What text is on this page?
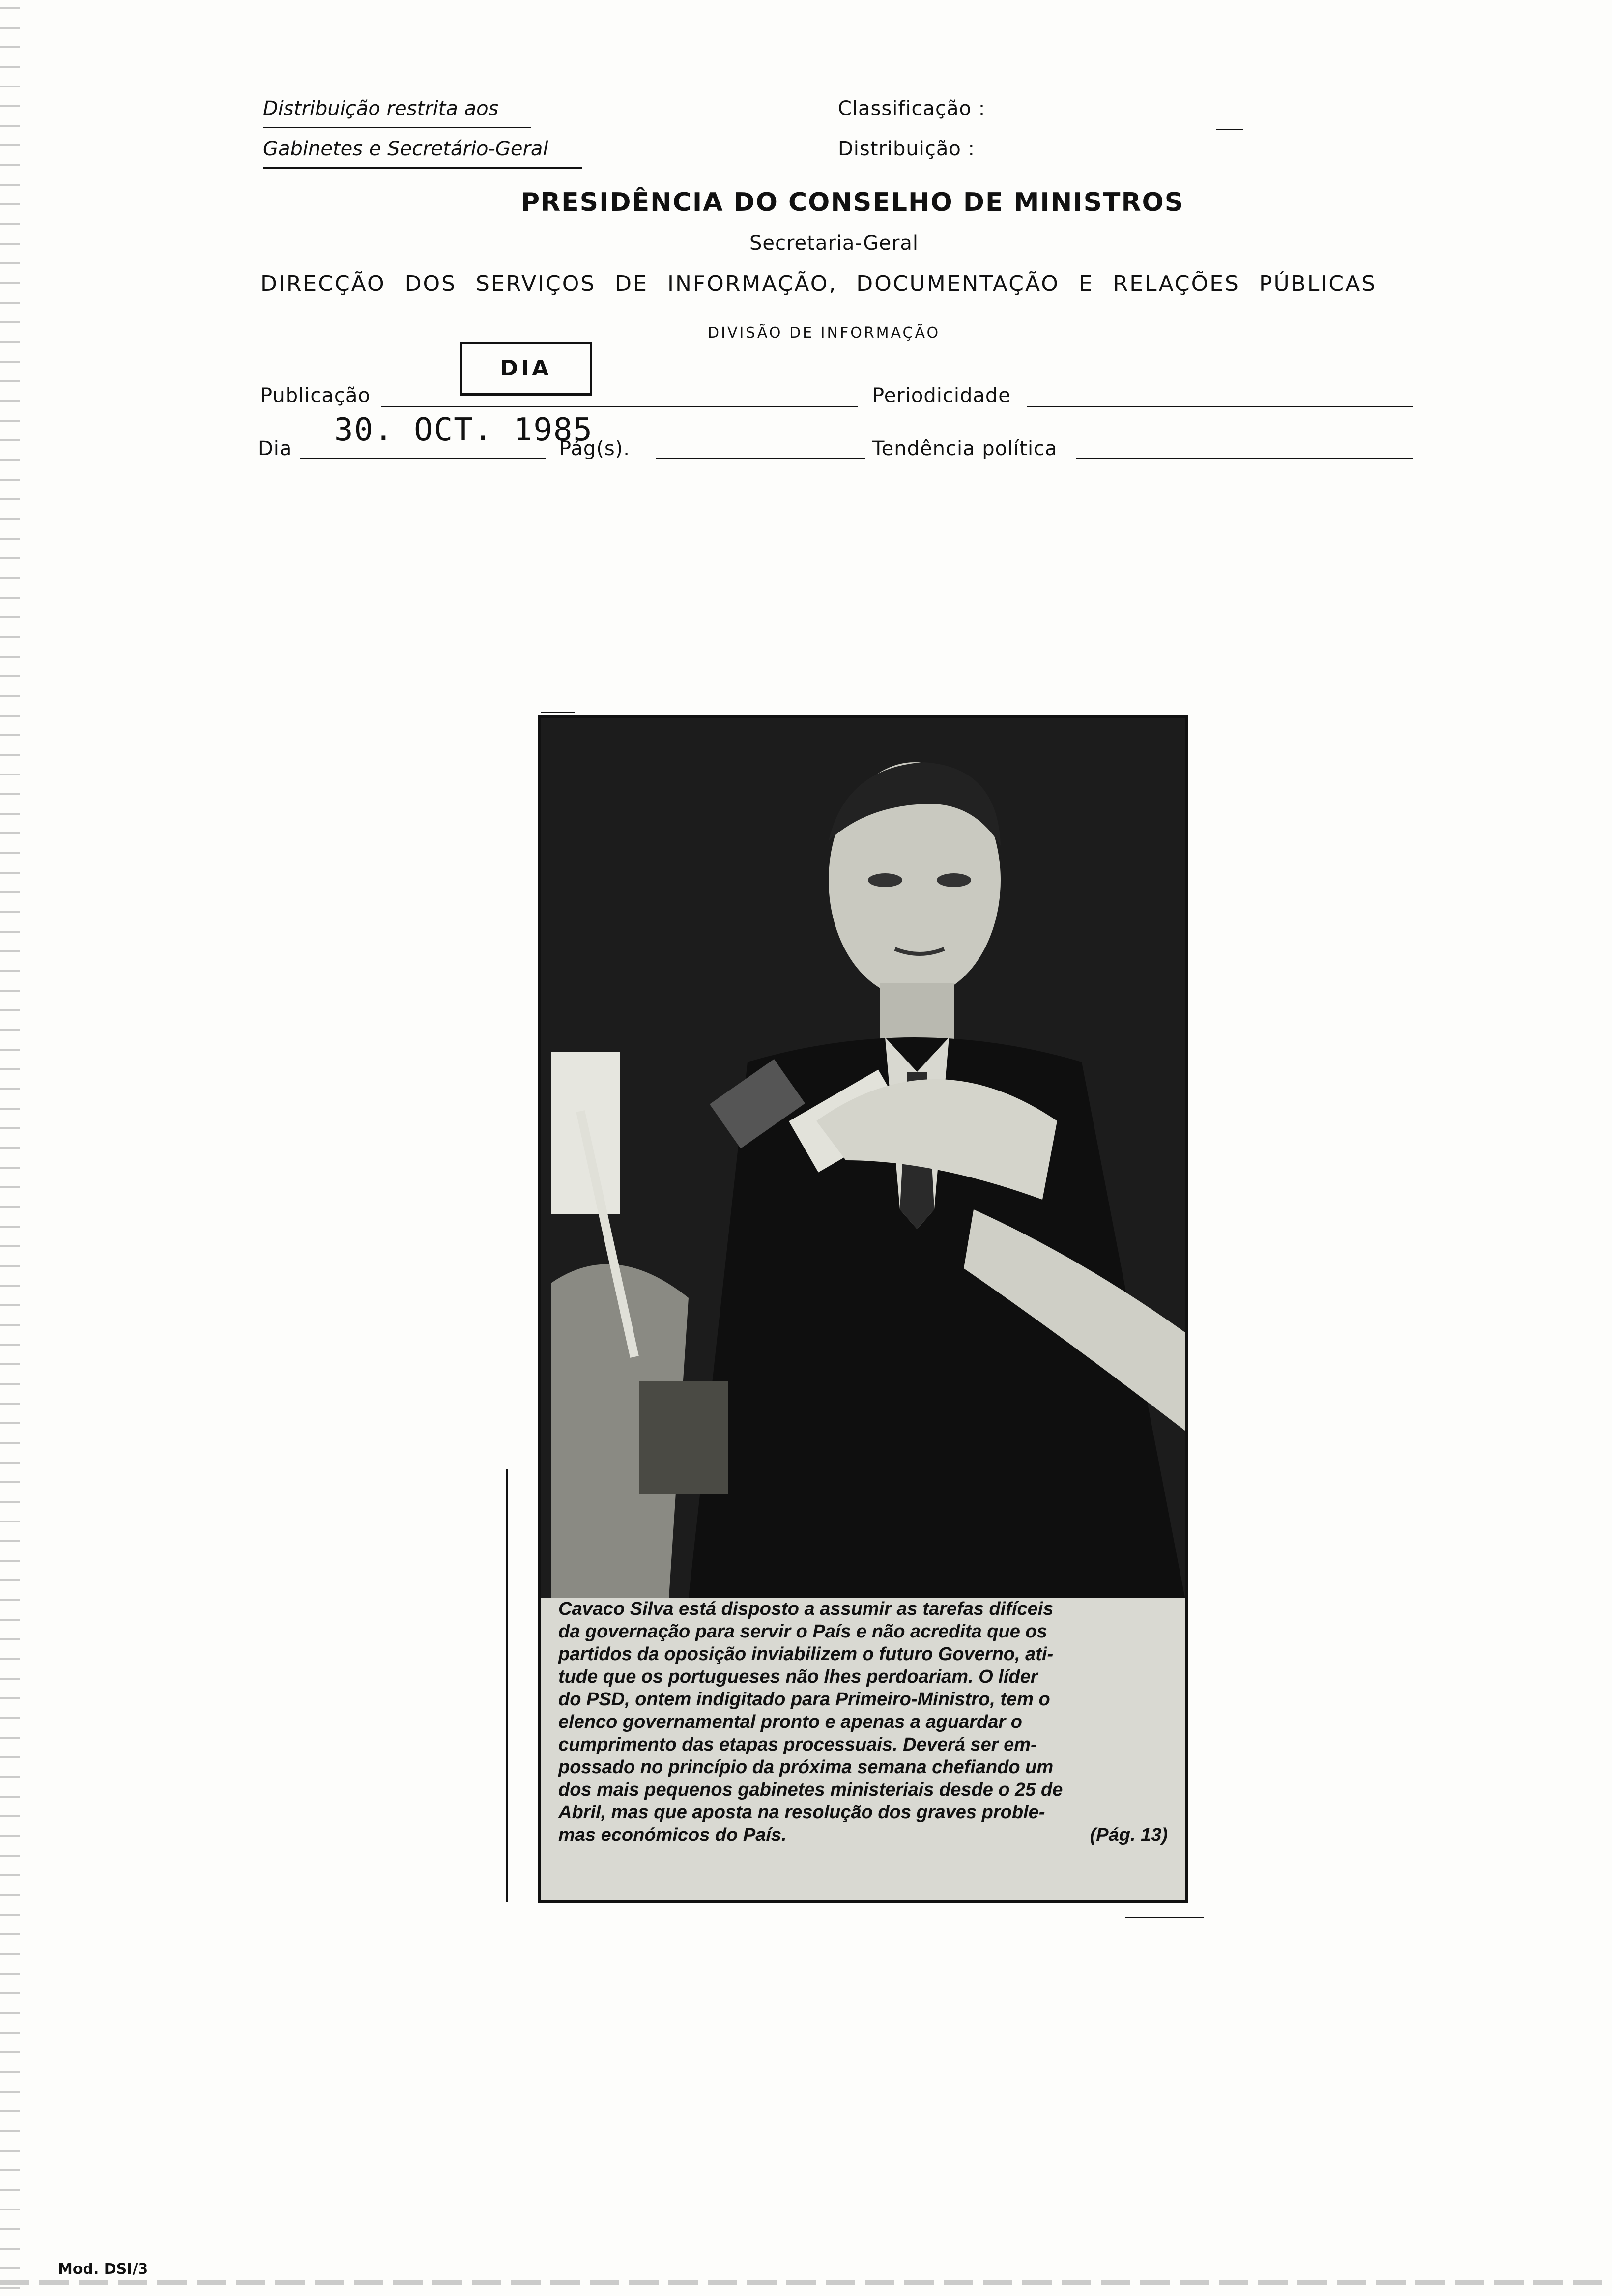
Distribuição restrita aos
Gabinetes e Secretário-Geral
Classificação :
Distribuição :
PRESIDÊNCIA DO CONSELHO DE MINISTROS
Secretaria-Geral
DIRECÇÃO DOS SERVIÇOS DE INFORMAÇÃO, DOCUMENTAÇÃO E RELAÇÕES PÚBLICAS
DIVISÃO DE INFORMAÇÃO
Publicação
DIA
Periodicidade
Dia
30. OCT. 1985
Pág(s).	Tendência política
Cavaco Silva está disposto a assumir as tarefas difíceis
da governação para servir o País e não acredita que os
partidos da oposição inviabilizem o futuro Governo, ati-
tude que os portugueses não lhes perdoariam. O líder
do PSD, ontem indigitado para Primeiro-Ministro, tem o
elenco governamental pronto e apenas a aguardar o
cumprimento das etapas processuais. Deverá ser em-
possado no princípio da próxima semana chefiando um
dos mais pequenos gabinetes ministeriais desde o 25 de
Abril, mas que aposta na resolução dos graves proble-
mas económicos do País.	(Pág. 13)
Mod. DSI/3
